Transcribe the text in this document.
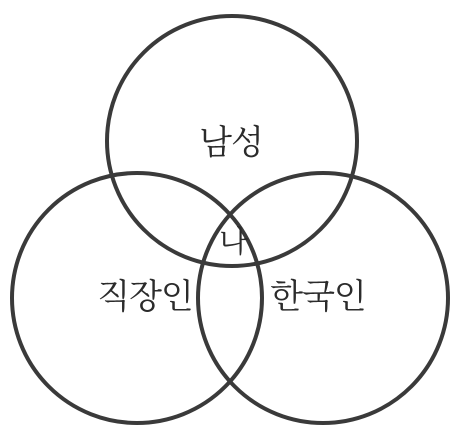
남성
직장인 한국인
나
